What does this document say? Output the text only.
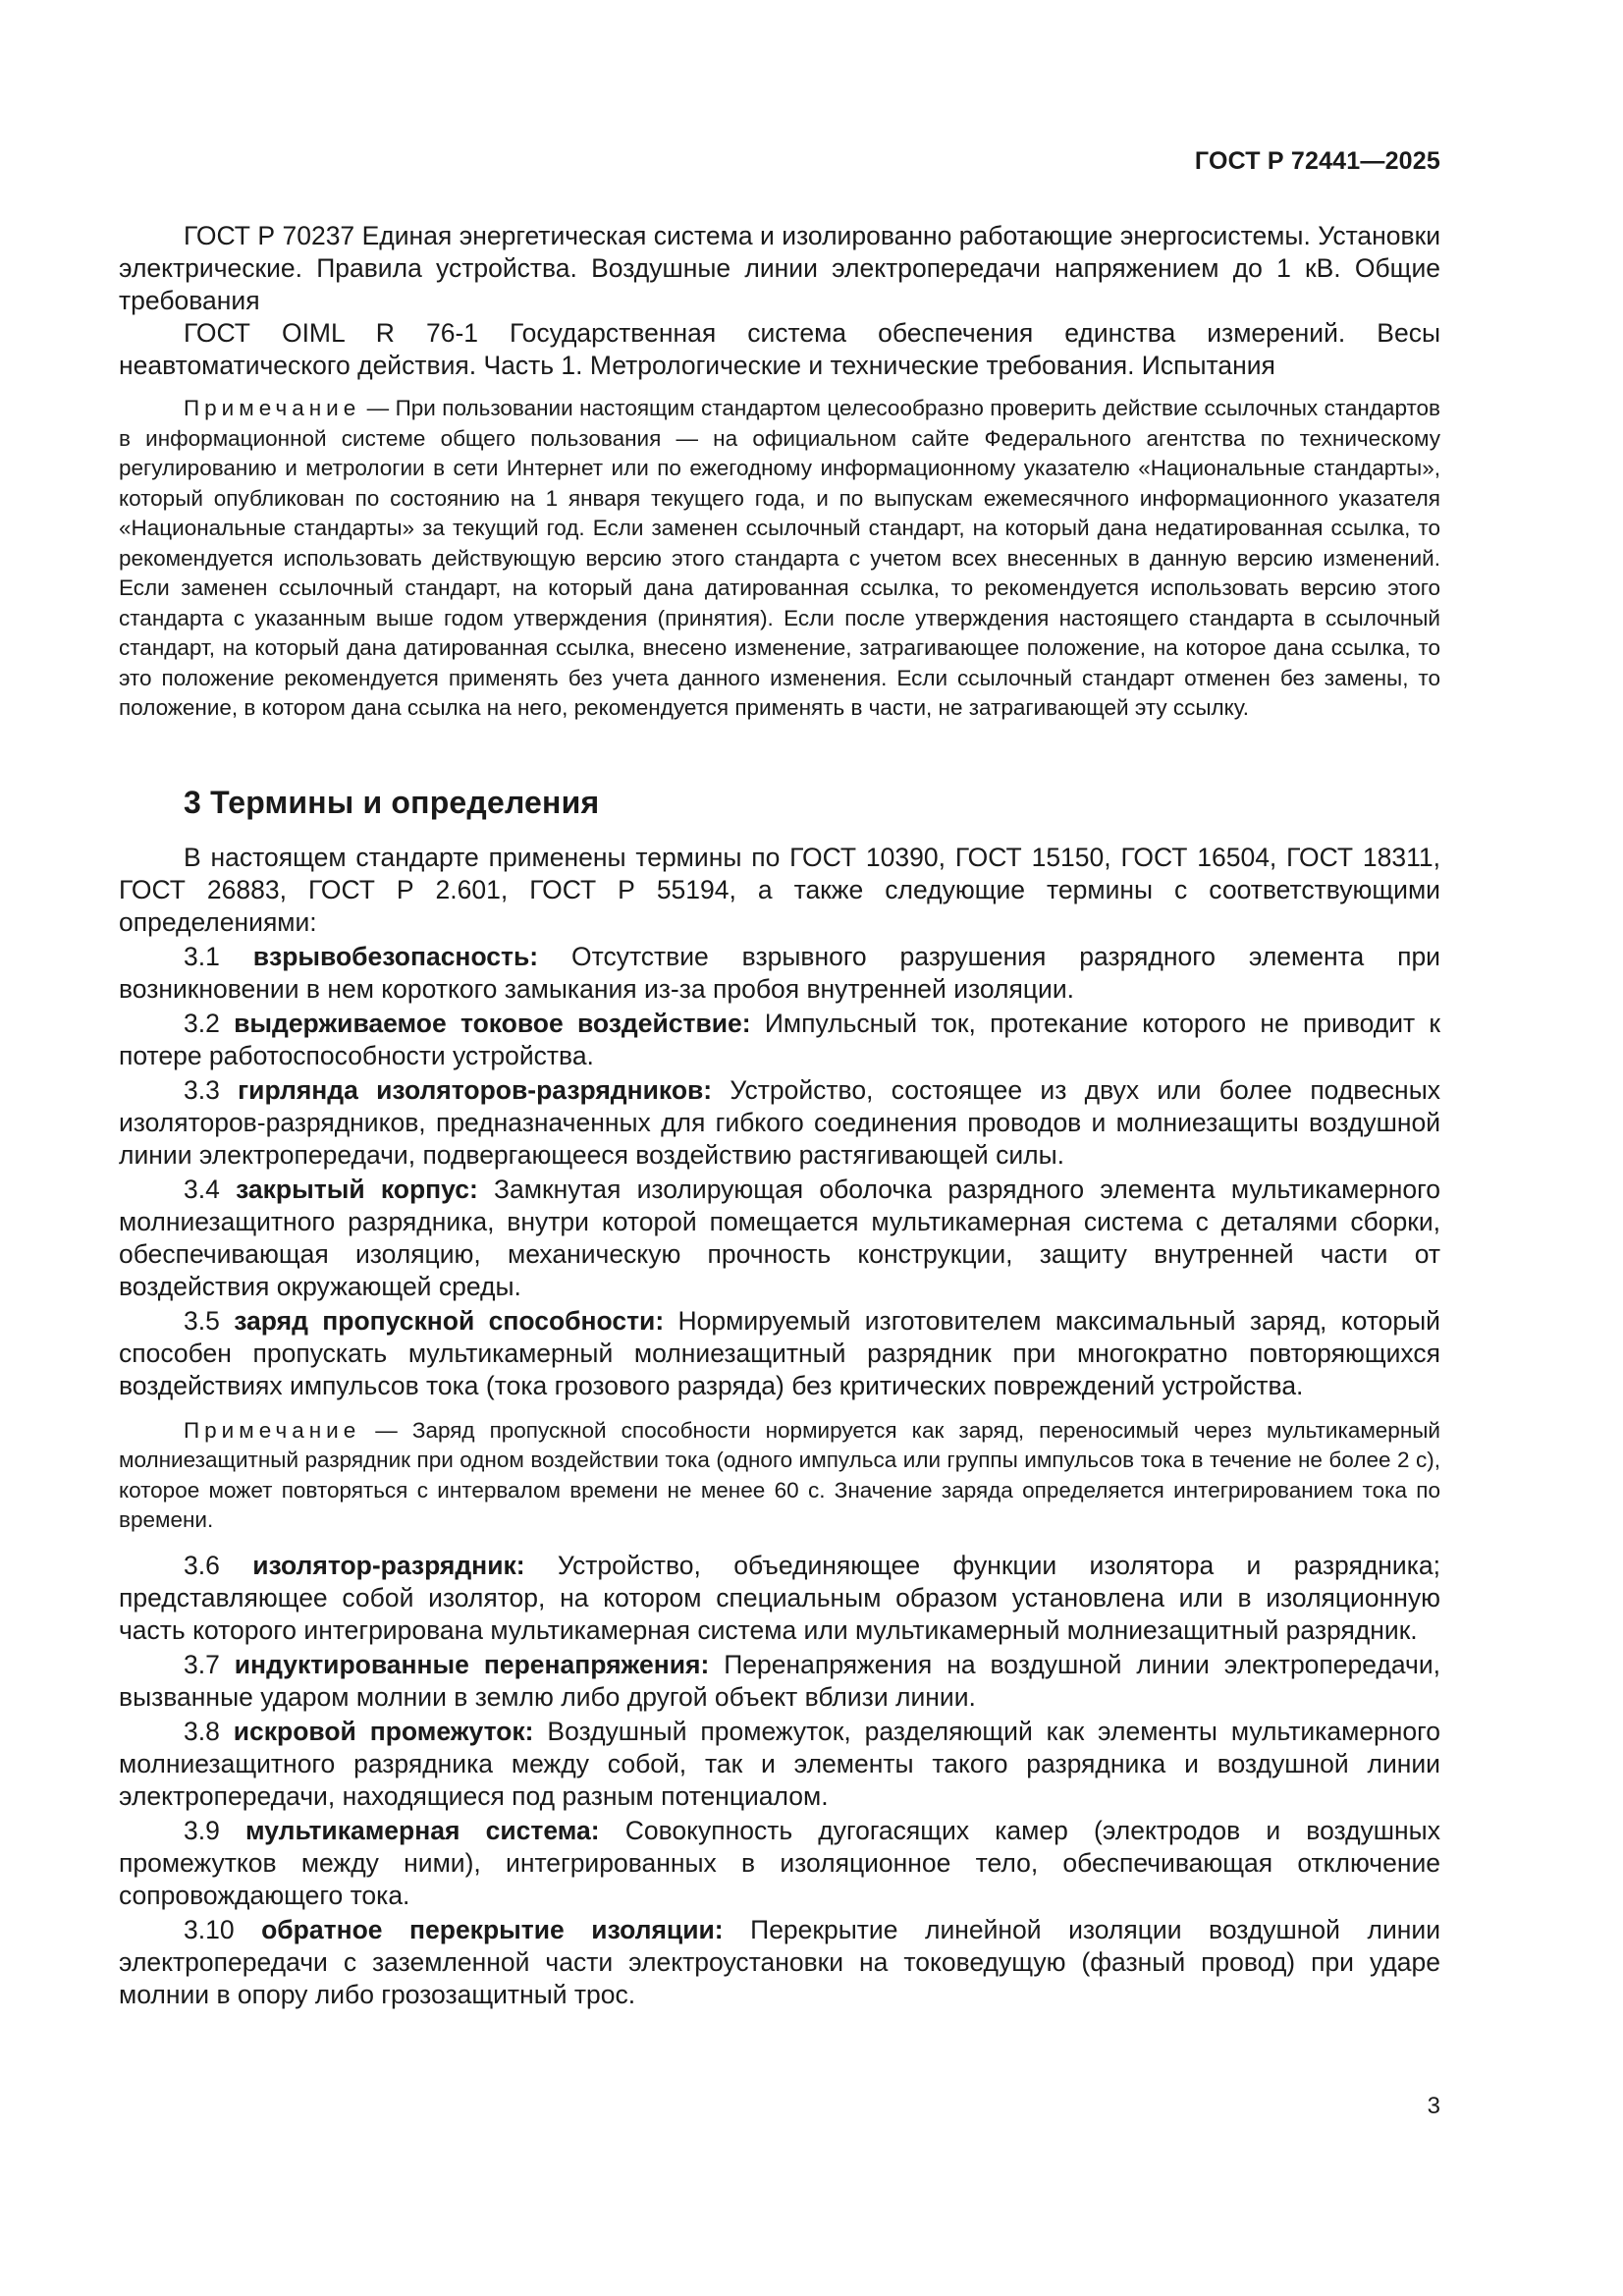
ГОСТ Р 72441—2025

ГОСТ Р 70237 Единая энергетическая система и изолированно работающие энергосистемы. Установки электрические. Правила устройства. Воздушные линии электропередачи напряжением до 1 кВ. Общие требования

ГОСТ OIML R 76-1 Государственная система обеспечения единства измерений. Весы неавтоматического действия. Часть 1. Метрологические и технические требования. Испытания

Примечание — При пользовании настоящим стандартом целесообразно проверить действие ссылочных стандартов в информационной системе общего пользования — на официальном сайте Федерального агентства по техническому регулированию и метрологии в сети Интернет или по ежегодному информационному указателю «Национальные стандарты», который опубликован по состоянию на 1 января текущего года, и по выпускам ежемесячного информационного указателя «Национальные стандарты» за текущий год. Если заменен ссылочный стандарт, на который дана недатированная ссылка, то рекомендуется использовать действующую версию этого стандарта с учетом всех внесенных в данную версию изменений. Если заменен ссылочный стандарт, на который дана датированная ссылка, то рекомендуется использовать версию этого стандарта с указанным выше годом утверждения (принятия). Если после утверждения настоящего стандарта в ссылочный стандарт, на который дана датированная ссылка, внесено изменение, затрагивающее положение, на которое дана ссылка, то это положение рекомендуется применять без учета данного изменения. Если ссылочный стандарт отменен без замены, то положение, в котором дана ссылка на него, рекомендуется применять в части, не затрагивающей эту ссылку.

3 Термины и определения

В настоящем стандарте применены термины по ГОСТ 10390, ГОСТ 15150, ГОСТ 16504, ГОСТ 18311, ГОСТ 26883, ГОСТ Р 2.601, ГОСТ Р 55194, а также следующие термины с соответствующими определениями:

3.1 взрывобезопасность: Отсутствие взрывного разрушения разрядного элемента при возникновении в нем короткого замыкания из-за пробоя внутренней изоляции.

3.2 выдерживаемое токовое воздействие: Импульсный ток, протекание которого не приводит к потере работоспособности устройства.

3.3 гирлянда изоляторов-разрядников: Устройство, состоящее из двух или более подвесных изоляторов-разрядников, предназначенных для гибкого соединения проводов и молниезащиты воздушной линии электропередачи, подвергающееся воздействию растягивающей силы.

3.4 закрытый корпус: Замкнутая изолирующая оболочка разрядного элемента мультикамерного молниезащитного разрядника, внутри которой помещается мультикамерная система с деталями сборки, обеспечивающая изоляцию, механическую прочность конструкции, защиту внутренней части от воздействия окружающей среды.

3.5 заряд пропускной способности: Нормируемый изготовителем максимальный заряд, который способен пропускать мультикамерный молниезащитный разрядник при многократно повторяющихся воздействиях импульсов тока (тока грозового разряда) без критических повреждений устройства.

Примечание — Заряд пропускной способности нормируется как заряд, переносимый через мультикамерный молниезащитный разрядник при одном воздействии тока (одного импульса или группы импульсов тока в течение не более 2 с), которое может повторяться с интервалом времени не менее 60 с. Значение заряда определяется интегрированием тока по времени.

3.6 изолятор-разрядник: Устройство, объединяющее функции изолятора и разрядника; представляющее собой изолятор, на котором специальным образом установлена или в изоляционную часть которого интегрирована мультикамерная система или мультикамерный молниезащитный разрядник.

3.7 индуктированные перенапряжения: Перенапряжения на воздушной линии электропередачи, вызванные ударом молнии в землю либо другой объект вблизи линии.

3.8 искровой промежуток: Воздушный промежуток, разделяющий как элементы мультикамерного молниезащитного разрядника между собой, так и элементы такого разрядника и воздушной линии электропередачи, находящиеся под разным потенциалом.

3.9 мультикамерная система: Совокупность дугогасящих камер (электродов и воздушных промежутков между ними), интегрированных в изоляционное тело, обеспечивающая отключение сопровождающего тока.

3.10 обратное перекрытие изоляции: Перекрытие линейной изоляции воздушной линии электропередачи с заземленной части электроустановки на токоведущую (фазный провод) при ударе молнии в опору либо грозозащитный трос.

3
